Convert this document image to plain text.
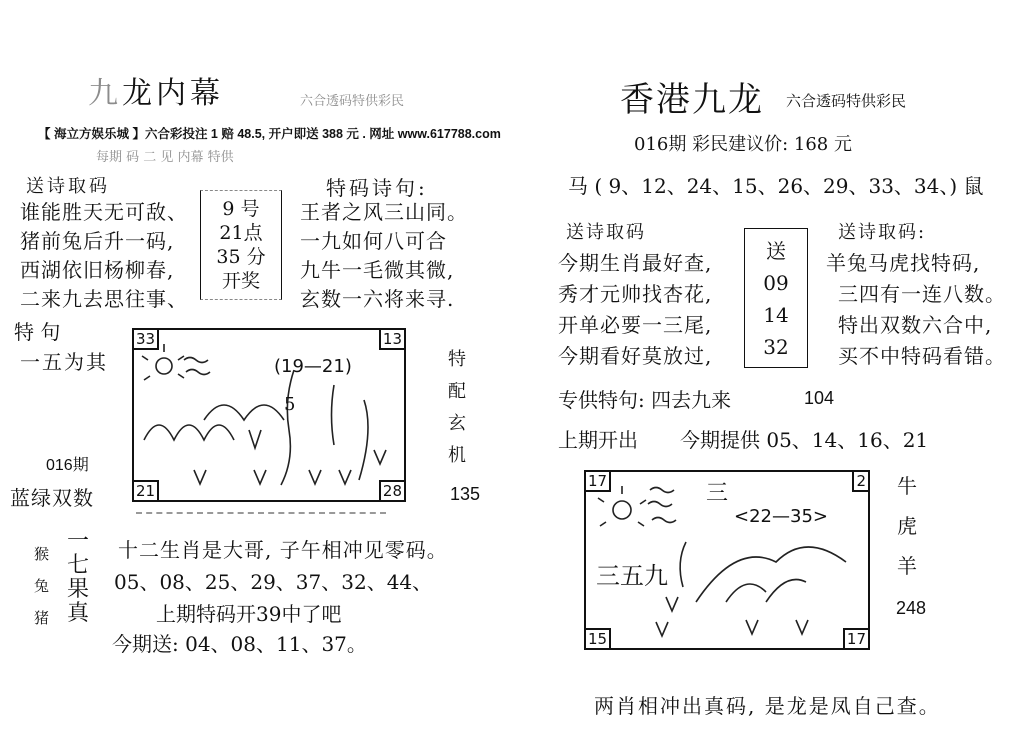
九龙内幕	六合透码特供彩民
【 海立方娱乐城 】六合彩投注 1 赔 48.5, 开户即送 388 元 . 网址 www.617788.com
每期 码 二 见 内幕 特供
送诗取码	特码诗句:
谁能胜天无可敌、
猪前兔后升一码,
西湖依旧杨柳春,
二来九去思往事、
9 号
21点
35 分
开奖
王者之风三山同。
一九如何八可合
九牛一毛微其微,
玄数一六将来寻.
特 句
一五为其
016期
蓝绿双数
(19—21)
5
33	13
21	28
特
配
玄
机
135
猴
兔
猪
一
七
果
真
十二生肖是大哥, 子午相冲见零码。
05、08、25、29、37、32、44、
上期特码开39中了吧
今期送: 04、08、11、37。
香港九龙 六合透码特供彩民
016期 彩民建议价: 168 元
马 ( 9、12、24、15、26、29、33、34、) 鼠
送诗取码	送诗取码:
今期生肖最好查,
秀才元帅找杏花,
开单必要一三尾,
今期看好莫放过,
送
09
14
32
羊兔马虎找特码,
三四有一连八数。
特出双数六合中,
买不中特码看错。
专供特句: 四去九来	104
上期开出 今期提供 05、14、16、21
三
<22—35>
三五九
17	2
15	17
牛
虎
羊
248
两肖相冲出真码, 是龙是凤自己查。
